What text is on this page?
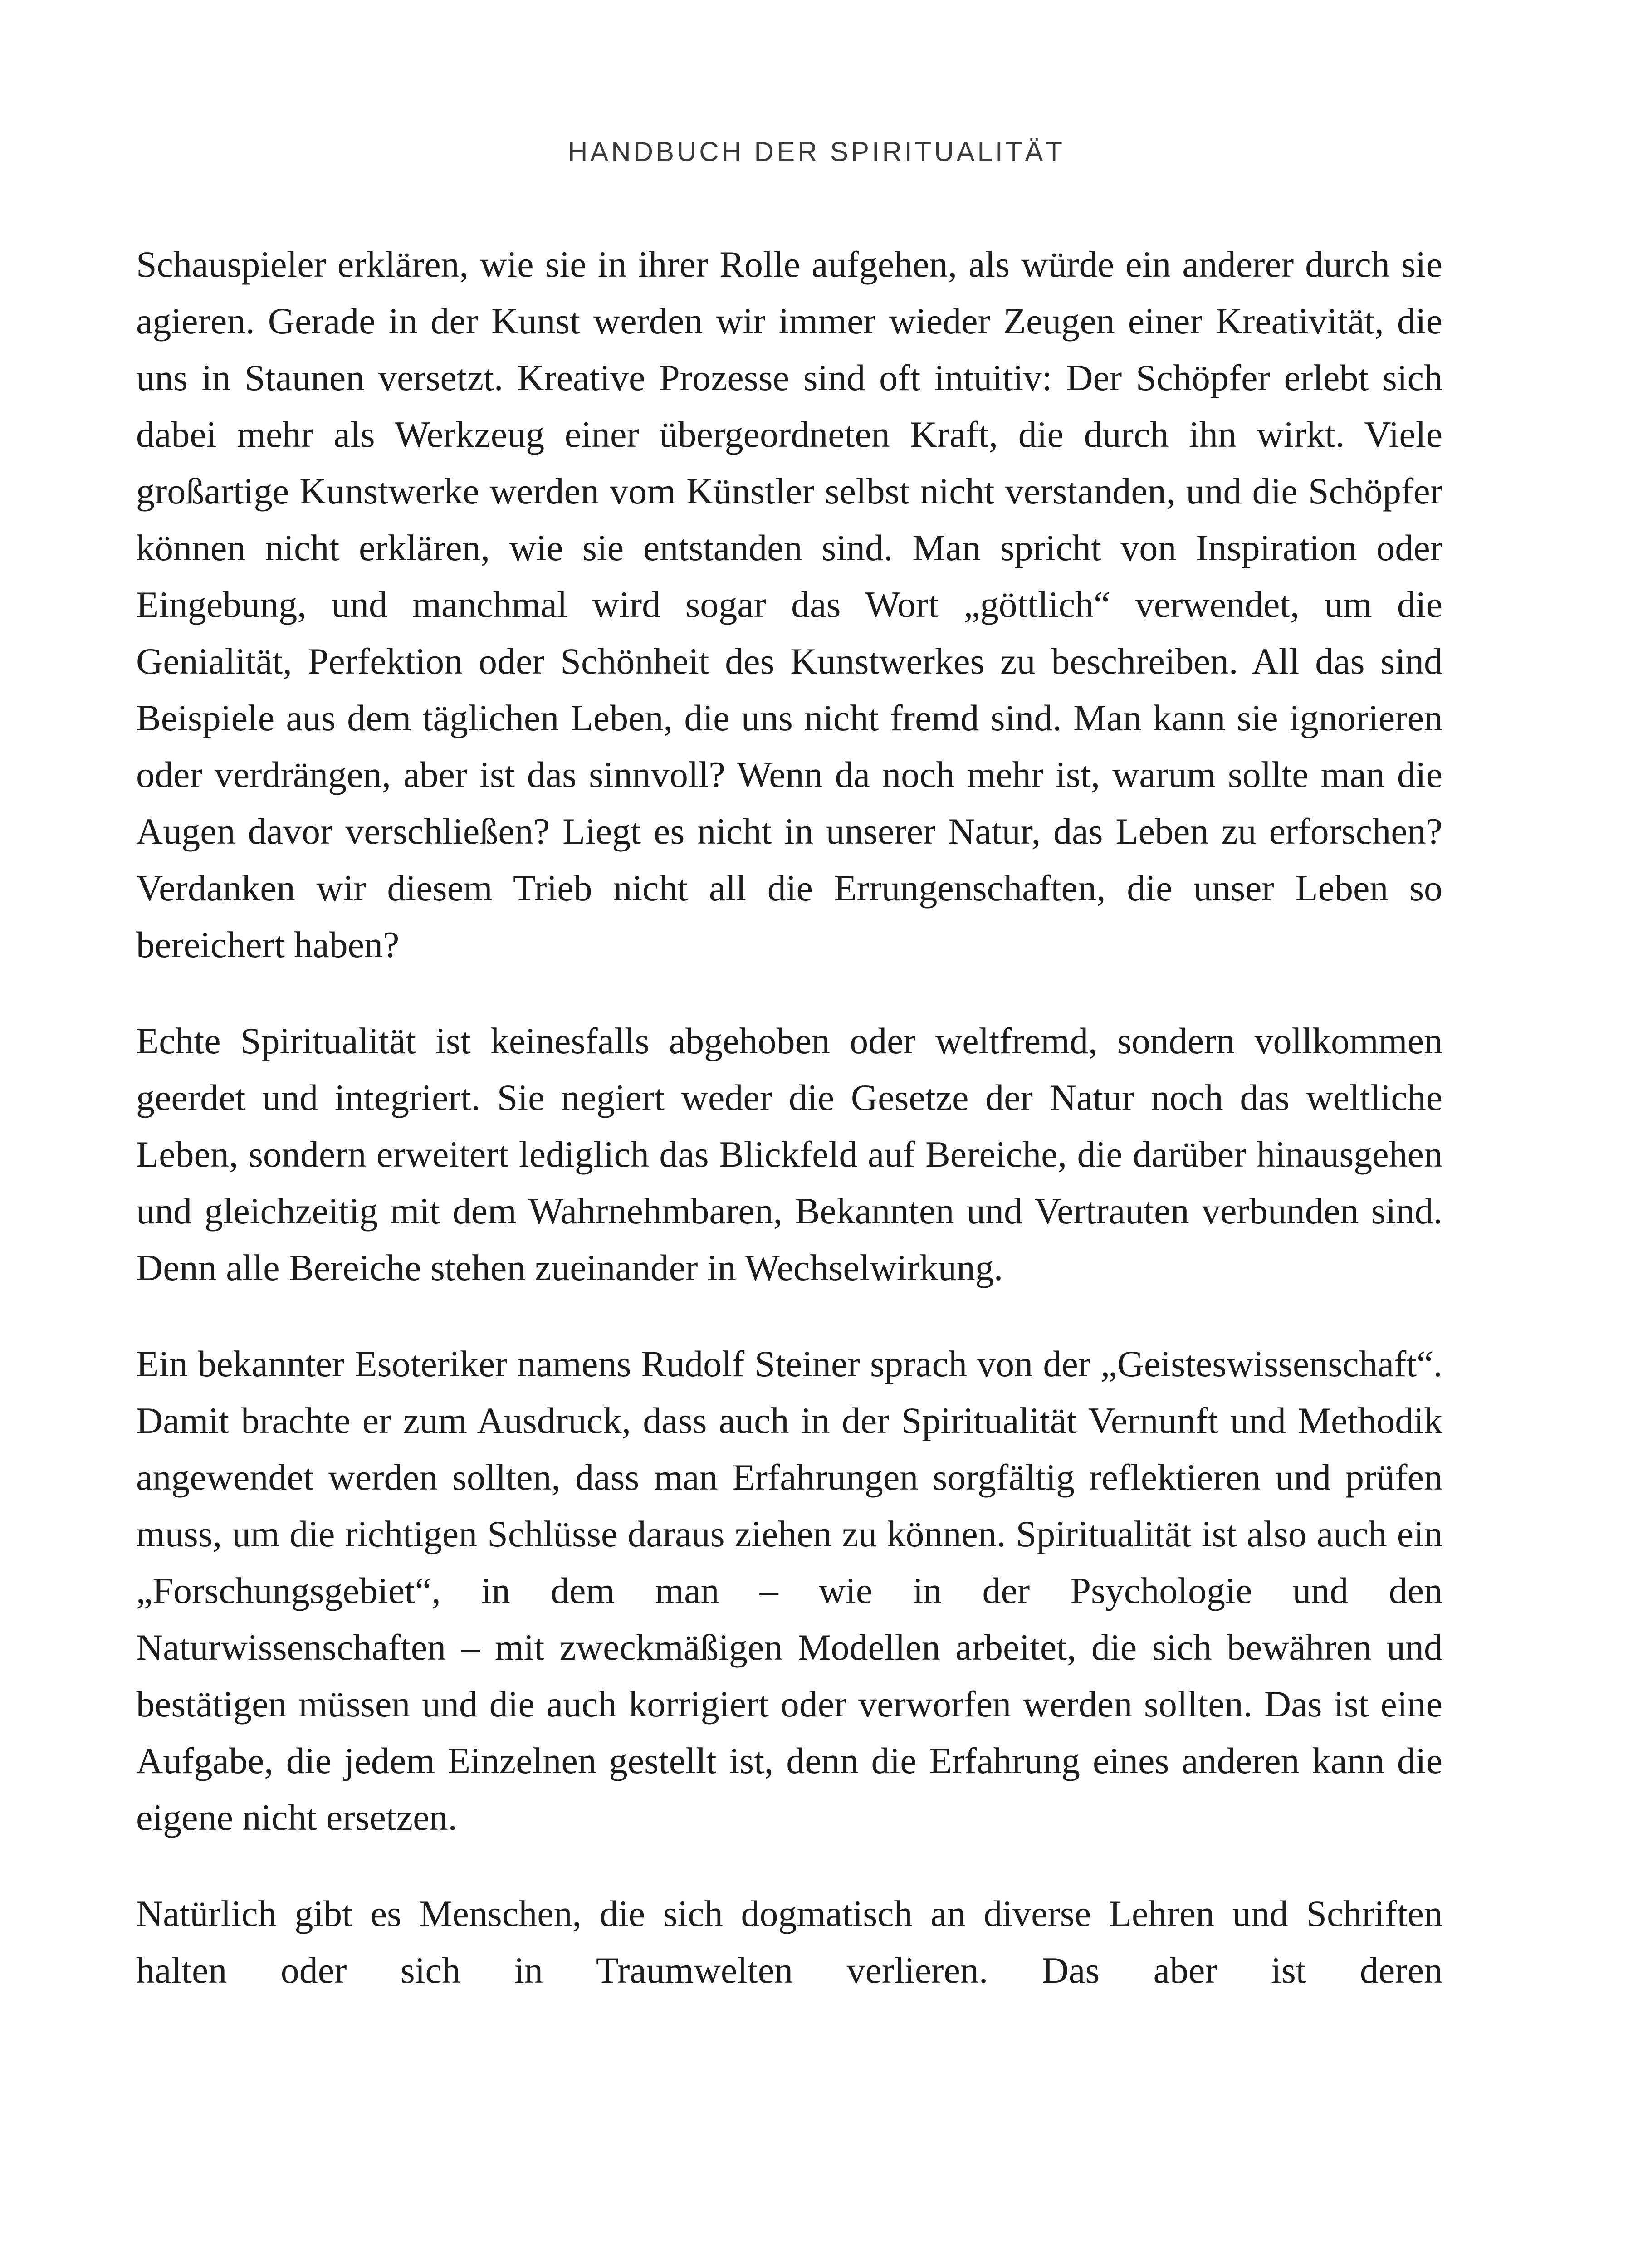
HANDBUCH DER SPIRITUALITÄT

Schauspieler erklären, wie sie in ihrer Rolle aufgehen, als würde ein anderer durch sie agieren. Gerade in der Kunst werden wir immer wieder Zeugen einer Kreativität, die uns in Staunen versetzt. Kreative Prozesse sind oft intuitiv: Der Schöpfer erlebt sich dabei mehr als Werkzeug einer übergeordneten Kraft, die durch ihn wirkt. Viele großartige Kunstwerke werden vom Künstler selbst nicht verstanden, und die Schöpfer können nicht erklären, wie sie entstanden sind. Man spricht von Inspiration oder Eingebung, und manchmal wird sogar das Wort „göttlich“ verwendet, um die Genialität, Perfektion oder Schönheit des Kunstwerkes zu beschreiben. All das sind Beispiele aus dem täglichen Leben, die uns nicht fremd sind. Man kann sie ignorieren oder verdrängen, aber ist das sinnvoll? Wenn da noch mehr ist, warum sollte man die Augen davor verschließen? Liegt es nicht in unserer Natur, das Leben zu erforschen? Verdanken wir diesem Trieb nicht all die Errungenschaften, die unser Leben so bereichert haben?

Echte Spiritualität ist keinesfalls abgehoben oder weltfremd, sondern vollkommen geerdet und integriert. Sie negiert weder die Gesetze der Natur noch das weltliche Leben, sondern erweitert lediglich das Blickfeld auf Bereiche, die darüber hinausgehen und gleichzeitig mit dem Wahrnehmbaren, Bekannten und Vertrauten verbunden sind. Denn alle Bereiche stehen zueinander in Wechselwirkung.

Ein bekannter Esoteriker namens Rudolf Steiner sprach von der „Geisteswissenschaft“. Damit brachte er zum Ausdruck, dass auch in der Spiritualität Vernunft und Methodik angewendet werden sollten, dass man Erfahrungen sorgfältig reflektieren und prüfen muss, um die richtigen Schlüsse daraus ziehen zu können. Spiritualität ist also auch ein „Forschungsgebiet“, in dem man – wie in der Psychologie und den Naturwissenschaften – mit zweckmäßigen Modellen arbeitet, die sich bewähren und bestätigen müssen und die auch korrigiert oder verworfen werden sollten. Das ist eine Aufgabe, die jedem Einzelnen gestellt ist, denn die Erfahrung eines anderen kann die eigene nicht ersetzen.

Natürlich gibt es Menschen, die sich dogmatisch an diverse Lehren und Schriften halten oder sich in Traumwelten verlieren. Das aber ist deren
